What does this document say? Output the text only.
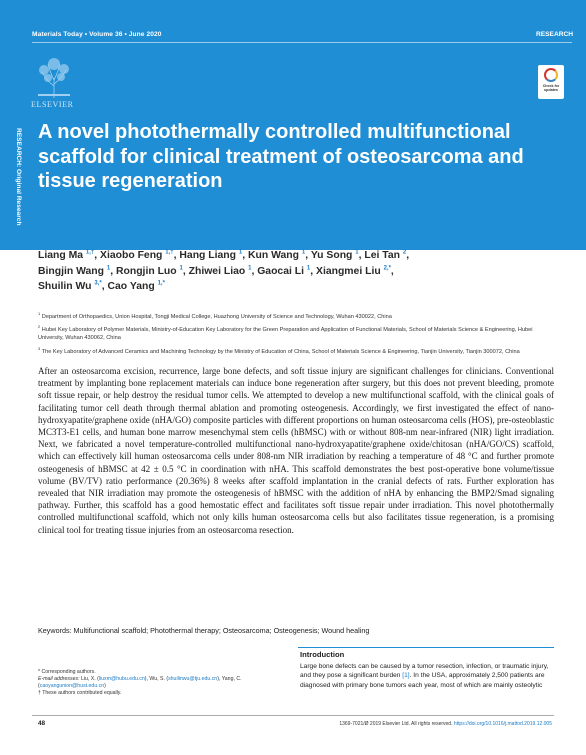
Materials Today • Volume 36 • June 2020	RESEARCH
ELSEVIER
Check for updates
RESEARCH: Original Research A novel photothermally controlled multifunctional scaffold for clinical treatment of osteosarcoma and tissue regeneration
Liang Ma $^{1,\dagger}$, Xiaobo Feng $^{1,\dagger}$, Hang Liang $^1$, Kun Wang $^1$, Yu Song $^1$, Lei Tan $^2$,
Bingjin Wang $^1$, Rongjin Luo $^1$, Zhiwei Liao $^1$, Gaocai Li $^1$, Xiangmei Liu $^{2,*}$,
Shuilin Wu $^{3,*}$, Cao Yang $^{1,*}$
$^1$ Department of Orthopaedics, Union Hospital, Tongji Medical College, Huazhong University of Science and Technology, Wuhan 430022, China
$^2$ Hubei Key Laboratory of Polymer Materials, Ministry-of-Education Key Laboratory for the Green Preparation and Application of Functional Materials, School of Materials Science & Engineering, Hubei University, Wuhan 430062, China
$^3$ The Key Laboratory of Advanced Ceramics and Machining Technology by the Ministry of Education of China, School of Materials Science & Engineering, Tianjin University, Tianjin 300072, China
After an osteosarcoma excision, recurrence, large bone defects, and soft tissue injury are significant challenges for clinicians. Conventional treatment by implanting bone replacement materials can induce bone regeneration after surgery, but this does not prevent bleeding, promote soft tissue repair, or help destroy the residual tumor cells. We attempted to develop a new multifunctional scaffold, with the clinical goals of facilitating tumor cell death through thermal ablation and promoting osteogenesis. Accordingly, we first investigated the effect of nano-hydroxyapatite/graphene oxide (nHA/GO) composite particles with different proportions on human osteosarcoma cells (HOS), pre-osteoblastic MC3T3-E1 cells, and human bone marrow mesenchymal stem cells (hBMSC) with or without 808-nm near-infrared (NIR) light irradiation. Next, we fabricated a novel temperature-controlled multifunctional nano-hydroxyapatite/graphene oxide/chitosan (nHA/GO/CS) scaffold, which can effectively kill human osteosarcoma cells under 808-nm NIR irradiation by reaching a temperature of 48 °C and further promote osteogenesis of hBMSC at 42 ± 0.5 °C in coordination with nHA. This scaffold demonstrates the best post-operative bone volume/tissue volume (BV/TV) ratio performance (20.36%) 8 weeks after scaffold implantation in the cranial defects of rats. Further exploration has revealed that NIR irradiation may promote the osteogenesis of hBMSC with the addition of nHA by enhancing the BMP2/Smad signaling pathway. Further, this scaffold has a good hemostatic effect and facilitates soft tissue repair under irradiation. This novel photothermally controlled multifunctional scaffold, which not only kills human osteosarcoma cells but also facilitates tissue regeneration, is a promising clinical tool for treating tissue injuries from an osteosarcoma resection.
Keywords: Multifunctional scaffold; Photothermal therapy; Osteosarcoma; Osteogenesis; Wound healing
* Corresponding authors.
E-mail addresses: Liu, X. (liuxm@hubu.edu.cn), Wu, S. (shuilinwu@tju.edu.cn), Yang, C. (caoyangunion@hust.edu.cn)
† These authors contributed equally.
Introduction
Large bone defects can be caused by a tumor resection, infection, or traumatic injury, and they pose a significant burden [1]. In the USA, approximately 2,500 patients are diagnosed with primary bone tumors each year, most of which are mainly osteolytic
48	1369-7021/Ø 2019 Elsevier Ltd. All rights reserved. https://doi.org/10.1016/j.mattod.2019.12.005
